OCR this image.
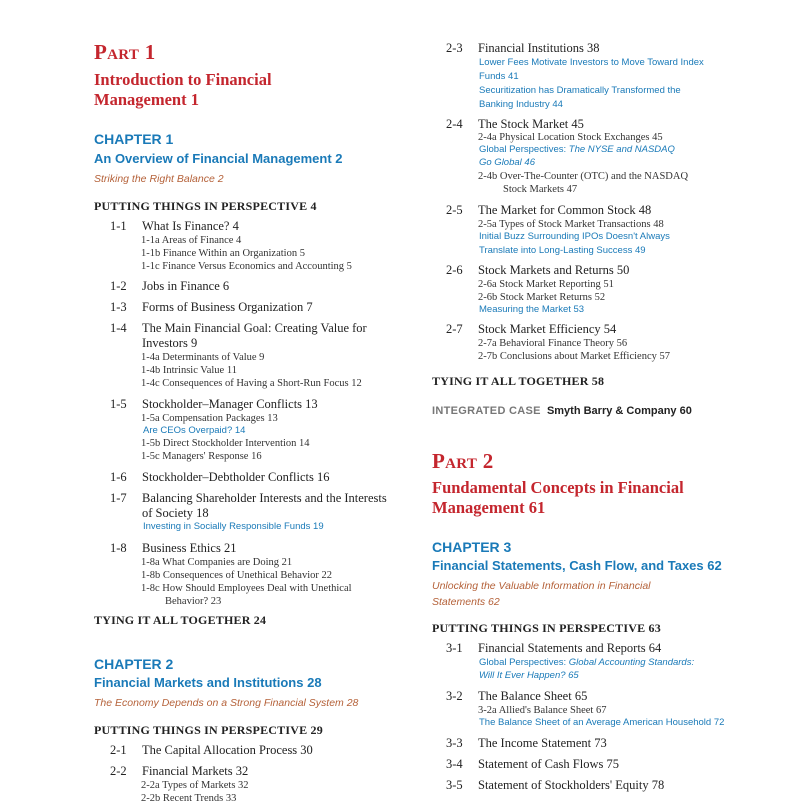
Part 1
Introduction to Financial
Management 1
CHAPTER 1
An Overview of Financial Management 2
Striking the Right Balance 2
PUTTING THINGS IN PERSPECTIVE 4
1-1 What Is Finance? 4
1-1a Areas of Finance 4
1-1b Finance Within an Organization 5
1-1c Finance Versus Economics and Accounting 5
1-2 Jobs in Finance 6
1-3 Forms of Business Organization 7
1-4 The Main Financial Goal: Creating Value for Investors 9
1-4a Determinants of Value 9
1-4b Intrinsic Value 11
1-4c Consequences of Having a Short-Run Focus 12
1-5 Stockholder–Manager Conflicts 13
1-5a Compensation Packages 13
Are CEOs Overpaid? 14
1-5b Direct Stockholder Intervention 14
1-5c Managers' Response 16
1-6 Stockholder–Debtholder Conflicts 16
1-7 Balancing Shareholder Interests and the Interests of Society 18
Investing in Socially Responsible Funds 19
1-8 Business Ethics 21
1-8a What Companies are Doing 21
1-8b Consequences of Unethical Behavior 22
1-8c How Should Employees Deal with Unethical
Behavior? 23
TYING IT ALL TOGETHER 24
CHAPTER 2
Financial Markets and Institutions 28
The Economy Depends on a Strong Financial System 28
PUTTING THINGS IN PERSPECTIVE 29
2-1 The Capital Allocation Process 30
2-2 Financial Markets 32
2-2a Types of Markets 32
2-2b Recent Trends 33
2-3 Financial Institutions 38
Lower Fees Motivate Investors to Move Toward Index Funds 41
Securitization has Dramatically Transformed the Banking Industry 44
2-4 The Stock Market 45
2-4a Physical Location Stock Exchanges 45
Global Perspectives: The NYSE and NASDAQ
Go Global 46
2-4b Over-The-Counter (OTC) and the NASDAQ
Stock Markets 47
2-5 The Market for Common Stock 48
2-5a Types of Stock Market Transactions 48
Initial Buzz Surrounding IPOs Doesn't Always Translate into Long-Lasting Success 49
2-6 Stock Markets and Returns 50
2-6a Stock Market Reporting 51
2-6b Stock Market Returns 52
Measuring the Market 53
2-7 Stock Market Efficiency 54
2-7a Behavioral Finance Theory 56
2-7b Conclusions about Market Efficiency 57
TYING IT ALL TOGETHER 58
INTEGRATED CASE Smyth Barry & Company 60
Part 2
Fundamental Concepts in Financial
Management 61
CHAPTER 3
Financial Statements, Cash Flow, and Taxes 62
Unlocking the Valuable Information in Financial Statements 62
PUTTING THINGS IN PERSPECTIVE 63
3-1 Financial Statements and Reports 64
Global Perspectives: Global Accounting Standards:
Will It Ever Happen? 65
3-2 The Balance Sheet 65
3-2a Allied's Balance Sheet 67
The Balance Sheet of an Average American Household 72
3-3 The Income Statement 73
3-4 Statement of Cash Flows 75
3-5 Statement of Stockholders' Equity 78
